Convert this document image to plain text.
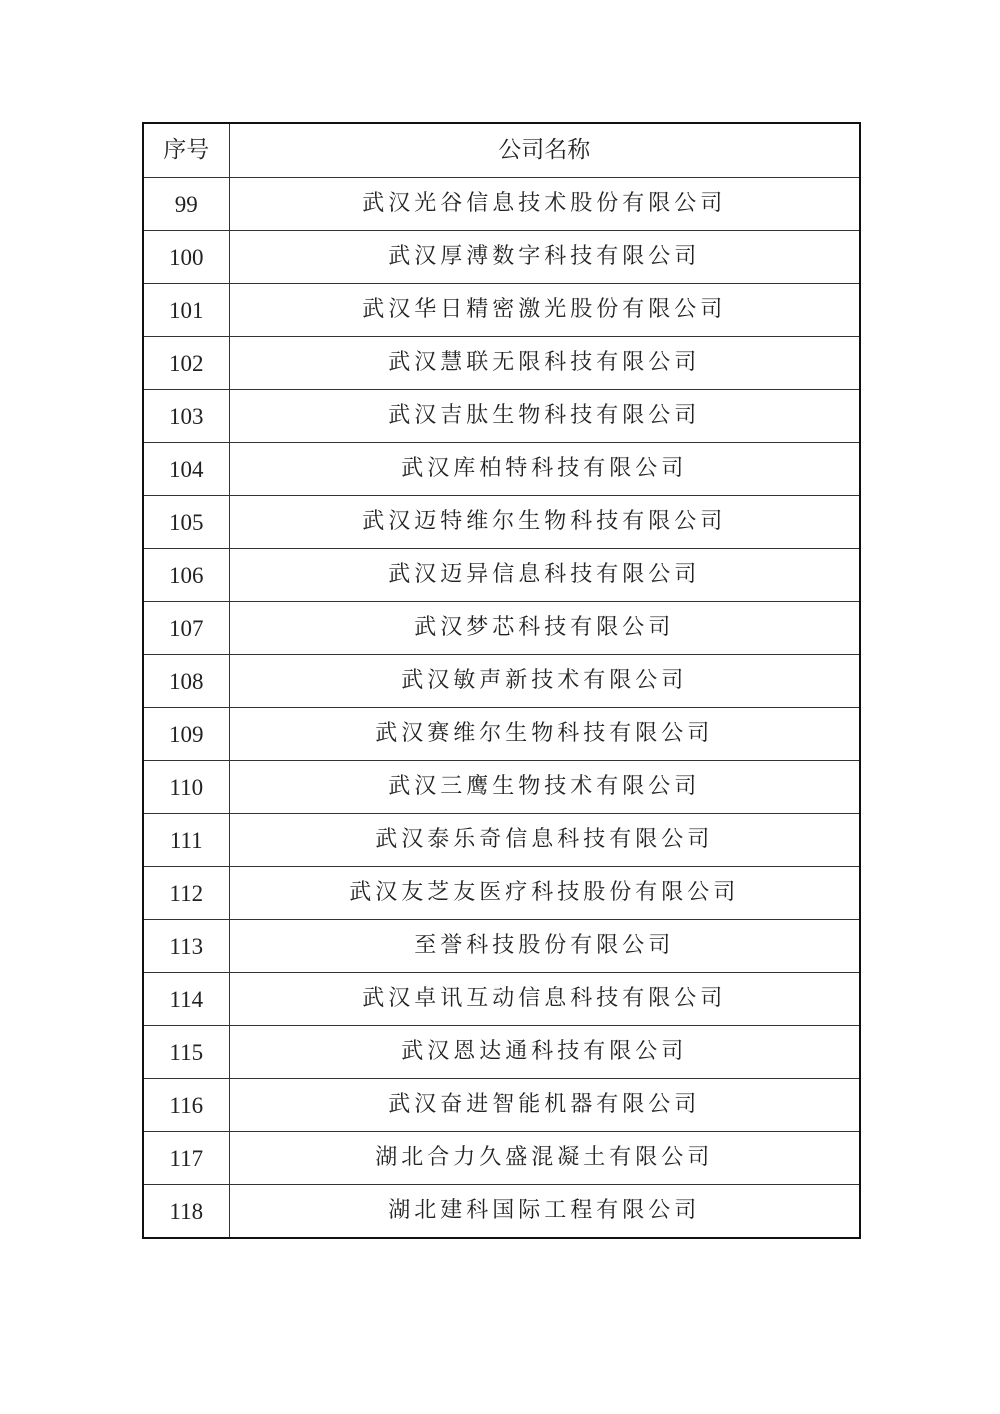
序号	公司名称
99	武汉光谷信息技术股份有限公司
100	武汉厚溥数字科技有限公司
101	武汉华日精密激光股份有限公司
102	武汉慧联无限科技有限公司
103	武汉吉肽生物科技有限公司
104	武汉库柏特科技有限公司
105	武汉迈特维尔生物科技有限公司
106	武汉迈异信息科技有限公司
107	武汉梦芯科技有限公司
108	武汉敏声新技术有限公司
109	武汉赛维尔生物科技有限公司
110	武汉三鹰生物技术有限公司
111	武汉泰乐奇信息科技有限公司
112	武汉友芝友医疗科技股份有限公司
113	至誉科技股份有限公司
114	武汉卓讯互动信息科技有限公司
115	武汉恩达通科技有限公司
116	武汉奋进智能机器有限公司
117	湖北合力久盛混凝土有限公司
118	湖北建科国际工程有限公司
